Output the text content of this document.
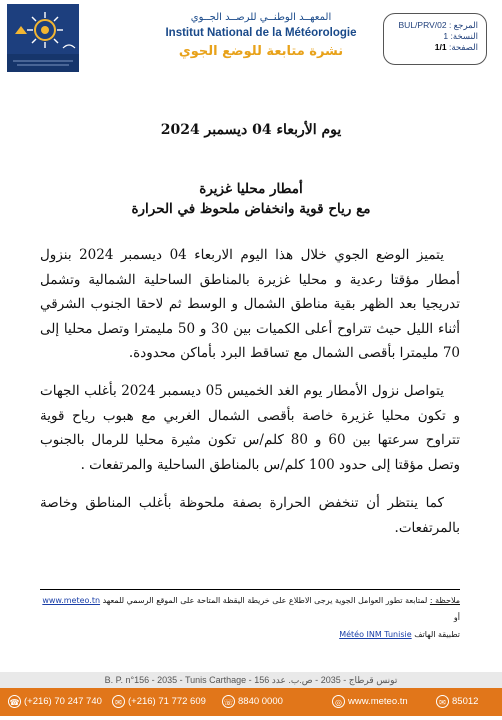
المرجع : BUL/PRV/02
النسخة: 1
الصفحة: 1/1
المعهــد الوطنــي للرصــد الجــوي
Institut National de la Météorologie
نشرة متابعة للوضع الجوي
يوم الأربعاء 04 ديسمبر 2024
أمطار محليا غزيرة
مع رياح قوية وانخفاض ملحوظ في الحرارة
يتميز الوضع الجوي خلال هذا اليوم الاربعاء 04 ديسمبر 2024 بنزول أمطار مؤقتا رعدية و محليا غزيرة بالمناطق الساحلية الشمالية وتشمل تدريجيا بعد الظهر بقية مناطق الشمال و الوسط ثم لاحقا الجنوب الشرقي أثناء الليل حيث تتراوح أعلى الكميات بين 30 و 50 مليمترا وتصل محليا إلى 70 مليمترا بأقصى الشمال مع تساقط البرد بأماكن محدودة.
يتواصل نزول الأمطار يوم الغد الخميس 05 ديسمبر 2024 بأغلب الجهات و تكون محليا غزيرة خاصة بأقصى الشمال الغربي مع هبوب رياح قوية تتراوح سرعتها بين 60 و 80 كلم/س تكون مثيرة محليا للرمال بالجنوب وتصل مؤقتا إلى حدود 100 كلم/س بالمناطق الساحلية والمرتفعات .
كما ينتظر أن تنخفض الحرارة بصفة ملحوظة بأغلب المناطق وخاصة بالمرتفعات.
ملاحظة : لمتابعة تطور العوامل الجوية يرجى الاطلاع على خريطة اليقظة المتاحة على الموقع الرسمي للمعهد www.meteo.tn أو
تطبيقة الهاتف Météo INM Tunisie
B. P. n°156 - 2035 - Tunis Carthage - تونس قرطاج - 2035 - ص.ب. عدد 156
☎ (+216) 70 247 740	✉ (+216) 71 772 609 ☏ 8840 0000	◎ www.meteo.tn	✉ 85012
